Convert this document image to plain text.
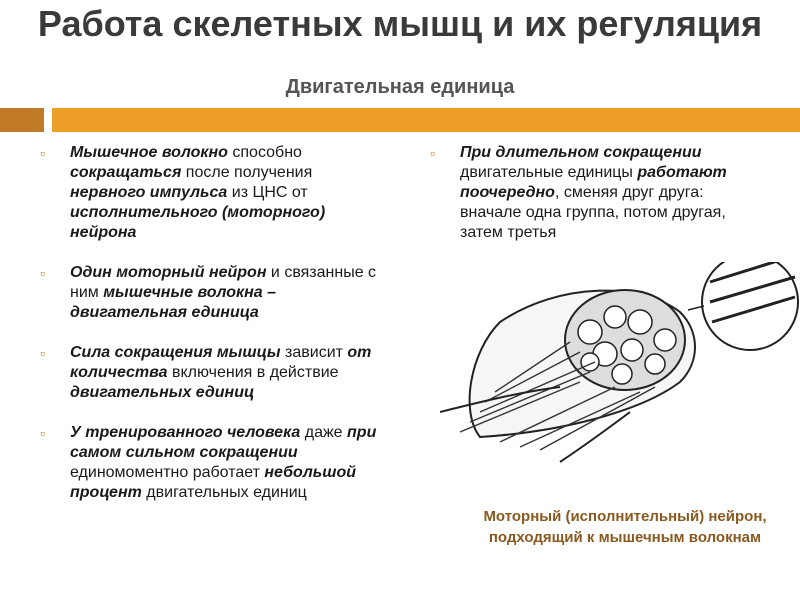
Работа скелетных мышц и их регуляция
Двигательная единица
▫ Мышечное волокно способно сокращаться после получения нервного импульса из ЦНС от исполнительного (моторного) нейрона
▫ Один моторный нейрон и связанные с ним мышечные волокна – двигательная единица
▫ Сила сокращения мышцы зависит от количества включения в действие двигательных единиц
▫ У тренированного человека даже при самом сильном сокращении единомоментно работает небольшой процент двигательных единиц
▫ При длительном сокращении двигательные единицы работают поочередно, сменяя друг друга: вначале одна группа, потом другая, затем третья
Моторный (исполнительный) нейрон, подходящий к мышечным волокнам
